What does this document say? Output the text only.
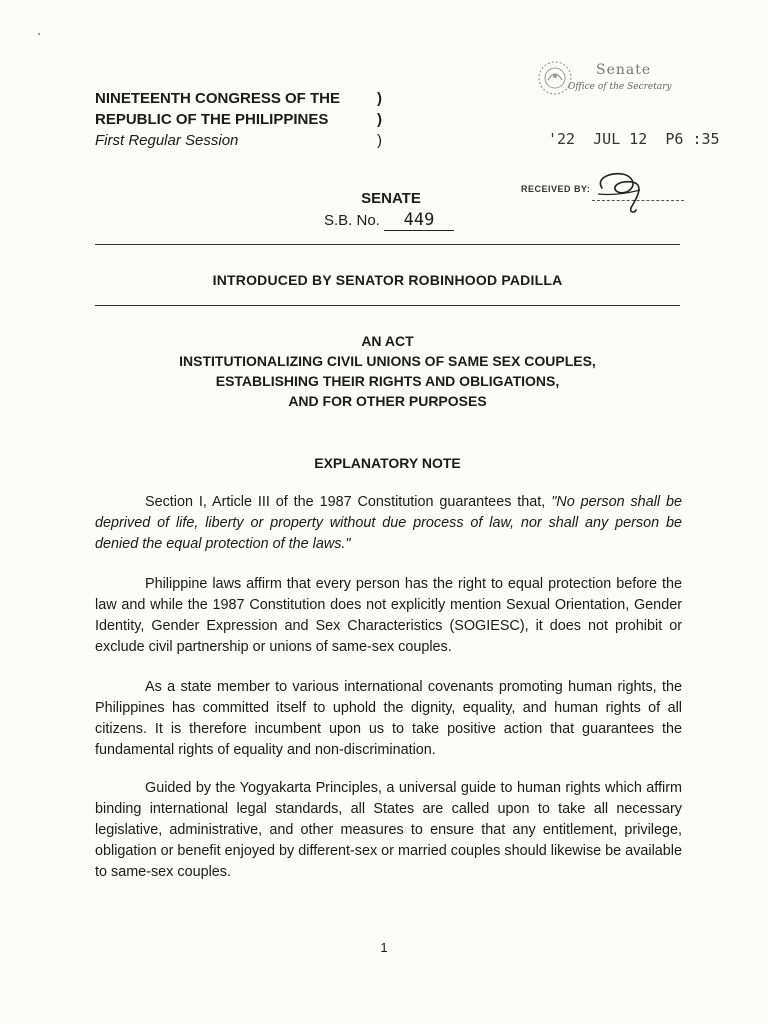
NINETEENTH CONGRESS OF THE
REPUBLIC OF THE PHILIPPINES
First Regular Session
)
)
)
Senate
Office of the Secretary
'22  JUL 12  P6 :35
RECEIVED BY:
SENATE
S.B. No. 449
INTRODUCED BY SENATOR ROBINHOOD PADILLA
AN ACT
INSTITUTIONALIZING CIVIL UNIONS OF SAME SEX COUPLES,
ESTABLISHING THEIR RIGHTS AND OBLIGATIONS,
AND FOR OTHER PURPOSES
EXPLANATORY NOTE

Section I, Article III of the 1987 Constitution guarantees that, "No person shall be deprived of life, liberty or property without due process of law, nor shall any person be denied the equal protection of the laws."

Philippine laws affirm that every person has the right to equal protection before the law and while the 1987 Constitution does not explicitly mention Sexual Orientation, Gender Identity, Gender Expression and Sex Characteristics (SOGIESC), it does not prohibit or exclude civil partnership or unions of same-sex couples.

As a state member to various international covenants promoting human rights, the Philippines has committed itself to uphold the dignity, equality, and human rights of all citizens. It is therefore incumbent upon us to take positive action that guarantees the fundamental rights of equality and non-discrimination.

Guided by the Yogyakarta Principles, a universal guide to human rights which affirm binding international legal standards, all States are called upon to take all necessary legislative, administrative, and other measures to ensure that any entitlement, privilege, obligation or benefit enjoyed by different-sex or married couples should likewise be available to same-sex couples.

1
